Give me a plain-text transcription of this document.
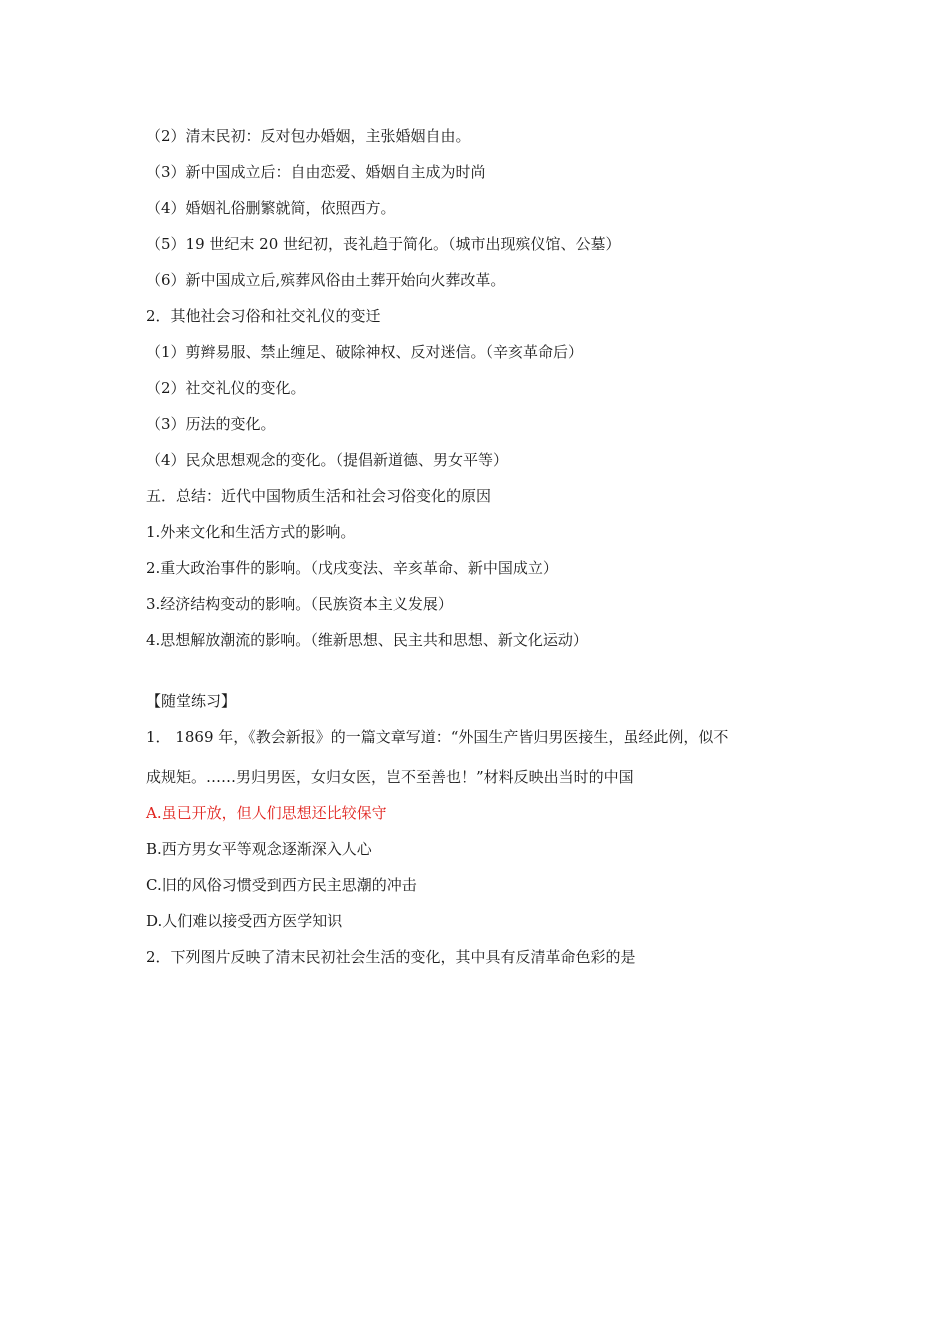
（2）清末民初：反对包办婚姻，主张婚姻自由。
（3）新中国成立后：自由恋爱、婚姻自主成为时尚
（4）婚姻礼俗删繁就简，依照西方。
（5）19 世纪末 20 世纪初，丧礼趋于简化。（城市出现殡仪馆、公墓）
（6）新中国成立后,殡葬风俗由土葬开始向火葬改革。
2．其他社会习俗和社交礼仪的变迁
（1）剪辫易服、禁止缠足、破除神权、反对迷信。（辛亥革命后）
（2）社交礼仪的变化。
（3）历法的变化。
（4）民众思想观念的变化。（提倡新道德、男女平等）
五．总结：近代中国物质生活和社会习俗变化的原因
1.外来文化和生活方式的影响。
2.重大政治事件的影响。（戊戌变法、辛亥革命、新中国成立）
3.经济结构变动的影响。（民族资本主义发展）
4.思想解放潮流的影响。（维新思想、民主共和思想、新文化运动）
【随堂练习】
1． 1869 年，《教会新报》的一篇文章写道：“外国生产皆归男医接生，虽经此例，似不
成规矩。……男归男医，女归女医，岂不至善也！”材料反映出当时的中国
A.虽已开放，但人们思想还比较保守
B.西方男女平等观念逐渐深入人心
C.旧的风俗习惯受到西方民主思潮的冲击
D.人们难以接受西方医学知识
2．下列图片反映了清末民初社会生活的变化，其中具有反清革命色彩的是
